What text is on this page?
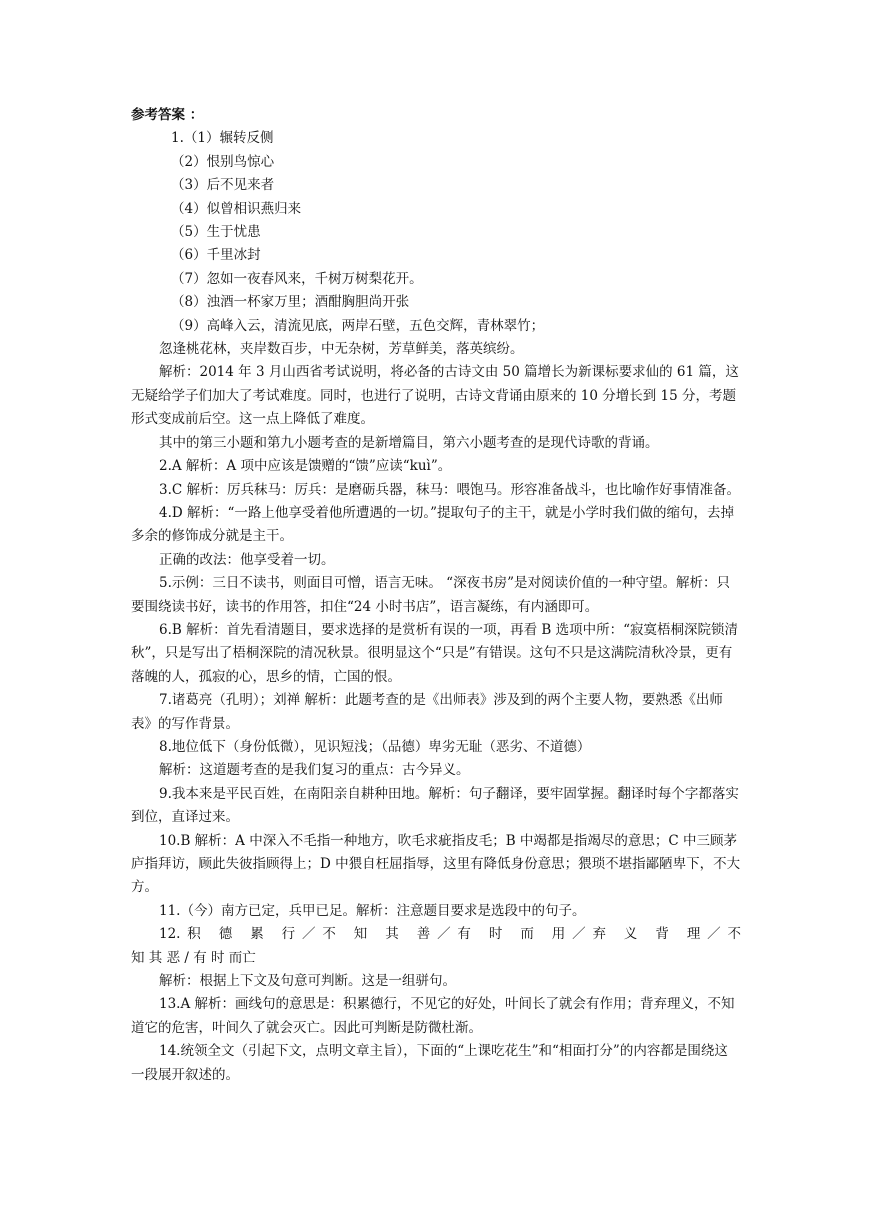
参考答案 ：

1.（1）辗转反侧

（2）恨别鸟惊心

（3）后不见来者

（4）似曾相识燕归来

（5）生于忧患

（6）千里冰封

（7）忽如一夜春风来，千树万树梨花开。

（8）浊酒一杯家万里；酒酣胸胆尚开张

（9）高峰入云，清流见底，两岸石壁，五色交辉，青林翠竹；

忽逢桃花林，夹岸数百步，中无杂树，芳草鲜美，落英缤纷。

解析：2014 年 3 月山西省考试说明，将必备的古诗文由 50 篇增长为新课标要求仙的 61 篇，这无疑给学子们加大了考试难度。同时，也进行了说明，古诗文背诵由原来的 10 分增长到 15 分，考题形式变成前后空。这一点上降低了难度。

其中的第三小题和第九小题考查的是新增篇目，第六小题考查的是现代诗歌的背诵。

2.A 解析：A 项中应该是馈赠的“馈”应读“kuì”。

3.C 解析：厉兵秣马：厉兵：是磨砺兵器，秣马：喂饱马。形容准备战斗，也比喻作好事情准备。

4.D 解析：“一路上他享受着他所遭遇的一切。”提取句子的主干，就是小学时我们做的缩句，去掉多余的修饰成分就是主干。

正确的改法：他享受着一切。

5.示例：三日不读书，则面目可憎，语言无味。 “深夜书房”是对阅读价值的一种守望。解析：只要围绕读书好，读书的作用答，扣住“24 小时书店”，语言凝练，有内涵即可。

6.B 解析：首先看清题目，要求选择的是赏析有误的一项，再看 B 选项中所：“寂寞梧桐深院锁清秋”，只是写出了梧桐深院的清况秋景。很明显这个“只是”有错误。这句不只是这满院清秋冷景，更有落魄的人，孤寂的心，思乡的情，亡国的恨。

7.诸葛亮（孔明）；刘禅 解析：此题考查的是《出师表》涉及到的两个主要人物，要熟悉《出师表》的写作背景。

8.地位低下（身份低微），见识短浅；（品德）卑劣无耻（恶劣、不道德）

解析：这道题考查的是我们复习的重点：古今异义。

9.我本来是平民百姓，在南阳亲自耕种田地。解析：句子翻译，要牢固掌握。翻译时每个字都落实到位，直译过来。

10.B 解析：A 中深入不毛指一种地方，吹毛求疵指皮毛；B 中竭都是指竭尽的意思；C 中三顾茅庐指拜访，顾此失彼指顾得上；D 中猥自枉屈指辱，这里有降低身份意思；猥琐不堪指鄙陋卑下，不大方。

11.（今）南方已定，兵甲已足。解析：注意题目要求是选段中的句子。

12.积 德 累 行／不 知 其 善／有 时 而 用／弃 义 背 理／不

知 其 恶 / 有 时 而亡

解析：根据上下文及句意可判断。这是一组骈句。

13.A 解析：画线句的意思是：积累德行，不见它的好处，叶间长了就会有作用；背弃理义，不知道它的危害，叶间久了就会灭亡。因此可判断是防微杜渐。

14.统领全文（引起下文，点明文章主旨），下面的“上课吃花生”和“相面打分”的内容都是围绕这一段展开叙述的。
